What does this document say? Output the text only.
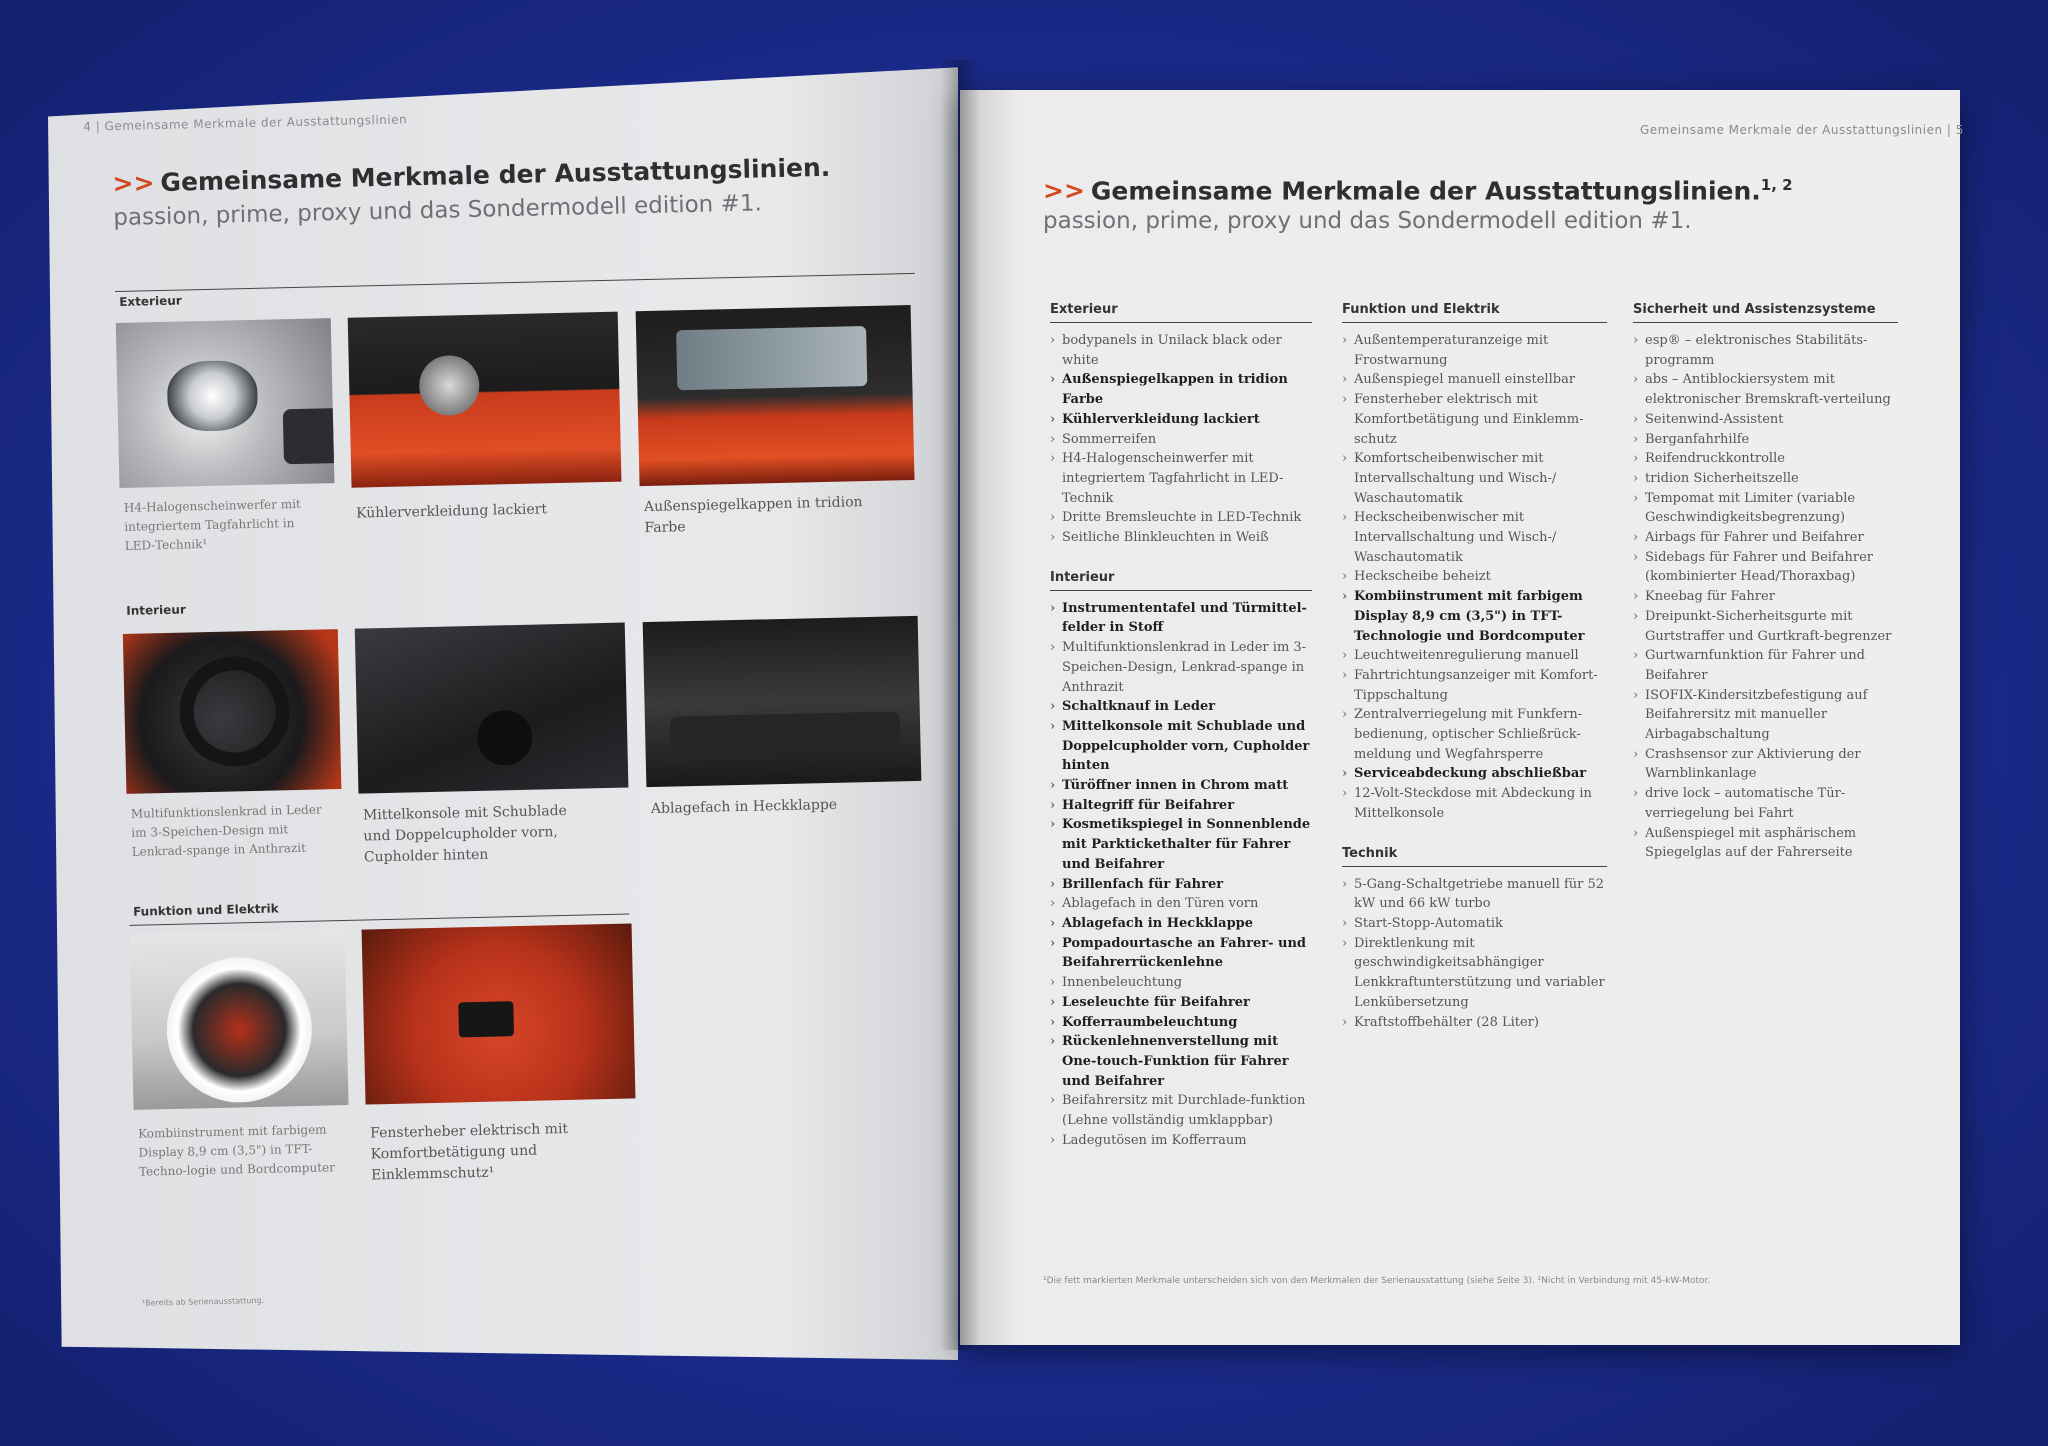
4 | Gemeinsame Merkmale der Ausstattungslinien
>> Gemeinsame Merkmale der Ausstattungslinien.
passion, prime, proxy und das Sondermodell edition #1.
Exterieur
H4-Halogenscheinwerfer mit integriertem Tagfahrlicht in LED-Technik¹
Kühlerverkleidung lackiert	Außenspiegelkappen in tridion Farbe
Interieur
Multifunktionslenkrad in Leder im 3-Speichen-Design mit Lenkrad-spange in Anthrazit
Mittelkonsole mit Schublade und Doppelcupholder vorn, Cupholder hinten
Ablagefach in Heckklappe
Funktion und Elektrik
Kombiinstrument mit farbigem Display 8,9 cm (3,5") in TFT-Techno-logie und Bordcomputer
Fensterheber elektrisch mit Komfortbetätigung und Einklemmschutz¹
¹Bereits ab Serienausstattung.
Gemeinsame Merkmale der Ausstattungslinien | 5
>> Gemeinsame Merkmale der Ausstattungslinien.$^{1, 2}$
passion, prime, proxy und das Sondermodell edition #1.
Exterieur
› bodypanels in Unilack black oder white
› Außenspiegelkappen in tridion Farbe
› Kühlerverkleidung lackiert
› Sommerreifen
› H4-Halogenscheinwerfer mit integriertem Tagfahrlicht in LED-Technik
› Dritte Bremsleuchte in LED-Technik
› Seitliche Blinkleuchten in Weiß
Interieur
› Instrumententafel und Türmittel-felder in Stoff
› Multifunktionslenkrad in Leder im 3-Speichen-Design, Lenkrad-spange in Anthrazit
› Schaltknauf in Leder
› Mittelkonsole mit Schublade und Doppelcupholder vorn, Cupholder hinten
› Türöffner innen in Chrom matt
› Haltegriff für Beifahrer
› Kosmetikspiegel in Sonnenblende mit Parktickethalter für Fahrer und Beifahrer
› Brillenfach für Fahrer
› Ablagefach in den Türen vorn
› Ablagefach in Heckklappe
› Pompadourtasche an Fahrer- und Beifahrerrückenlehne
› Innenbeleuchtung
› Leseleuchte für Beifahrer
› Kofferraumbeleuchtung
› Rückenlehnenverstellung mit One-touch-Funktion für Fahrer und Beifahrer
› Beifahrersitz mit Durchlade-funktion (Lehne vollständig umklappbar)
› Ladegutösen im Kofferraum
Funktion und Elektrik
› Außentemperaturanzeige mit Frostwarnung
› Außenspiegel manuell einstellbar
› Fensterheber elektrisch mit Komfortbetätigung und Einklemm-schutz
› Komfortscheibenwischer mit Intervallschaltung und Wisch-/ Waschautomatik
› Heckscheibenwischer mit Intervallschaltung und Wisch-/ Waschautomatik
› Heckscheibe beheizt
› Kombiinstrument mit farbigem Display 8,9 cm (3,5") in TFT-Technologie und Bordcomputer
› Leuchtweitenregulierung manuell
› Fahrtrichtungsanzeiger mit Komfort-Tippschaltung
› Zentralverriegelung mit Funkfern-bedienung, optischer Schließrück-meldung und Wegfahrsperre
› Serviceabdeckung abschließbar
› 12-Volt-Steckdose mit Abdeckung in Mittelkonsole
Technik
› 5-Gang-Schaltgetriebe manuell für 52 kW und 66 kW turbo
› Start-Stopp-Automatik
› Direktlenkung mit geschwindigkeitsabhängiger Lenkkraftunterstützung und variabler Lenkübersetzung
› Kraftstoffbehälter (28 Liter)
Sicherheit und Assistenzsysteme
› esp® – elektronisches Stabilitäts-programm
› abs – Antiblockiersystem mit elektronischer Bremskraft-verteilung
› Seitenwind-Assistent
› Berganfahrhilfe
› Reifendruckkontrolle
› tridion Sicherheitszelle
› Tempomat mit Limiter (variable Geschwindigkeitsbegrenzung)
› Airbags für Fahrer und Beifahrer
› Sidebags für Fahrer und Beifahrer (kombinierter Head/Thoraxbag)
› Kneebag für Fahrer
› Dreipunkt-Sicherheitsgurte mit Gurtstraffer und Gurtkraft-begrenzer
› Gurtwarnfunktion für Fahrer und Beifahrer
› ISOFIX-Kindersitzbefestigung auf Beifahrersitz mit manueller Airbagabschaltung
› Crashsensor zur Aktivierung der Warnblinkanlage
› drive lock – automatische Tür-verriegelung bei Fahrt
› Außenspiegel mit asphärischem Spiegelglas auf der Fahrerseite
¹Die fett markierten Merkmale unterscheiden sich von den Merkmalen der Serienausstattung (siehe Seite 3). ²Nicht in Verbindung mit 45-kW-Motor.
